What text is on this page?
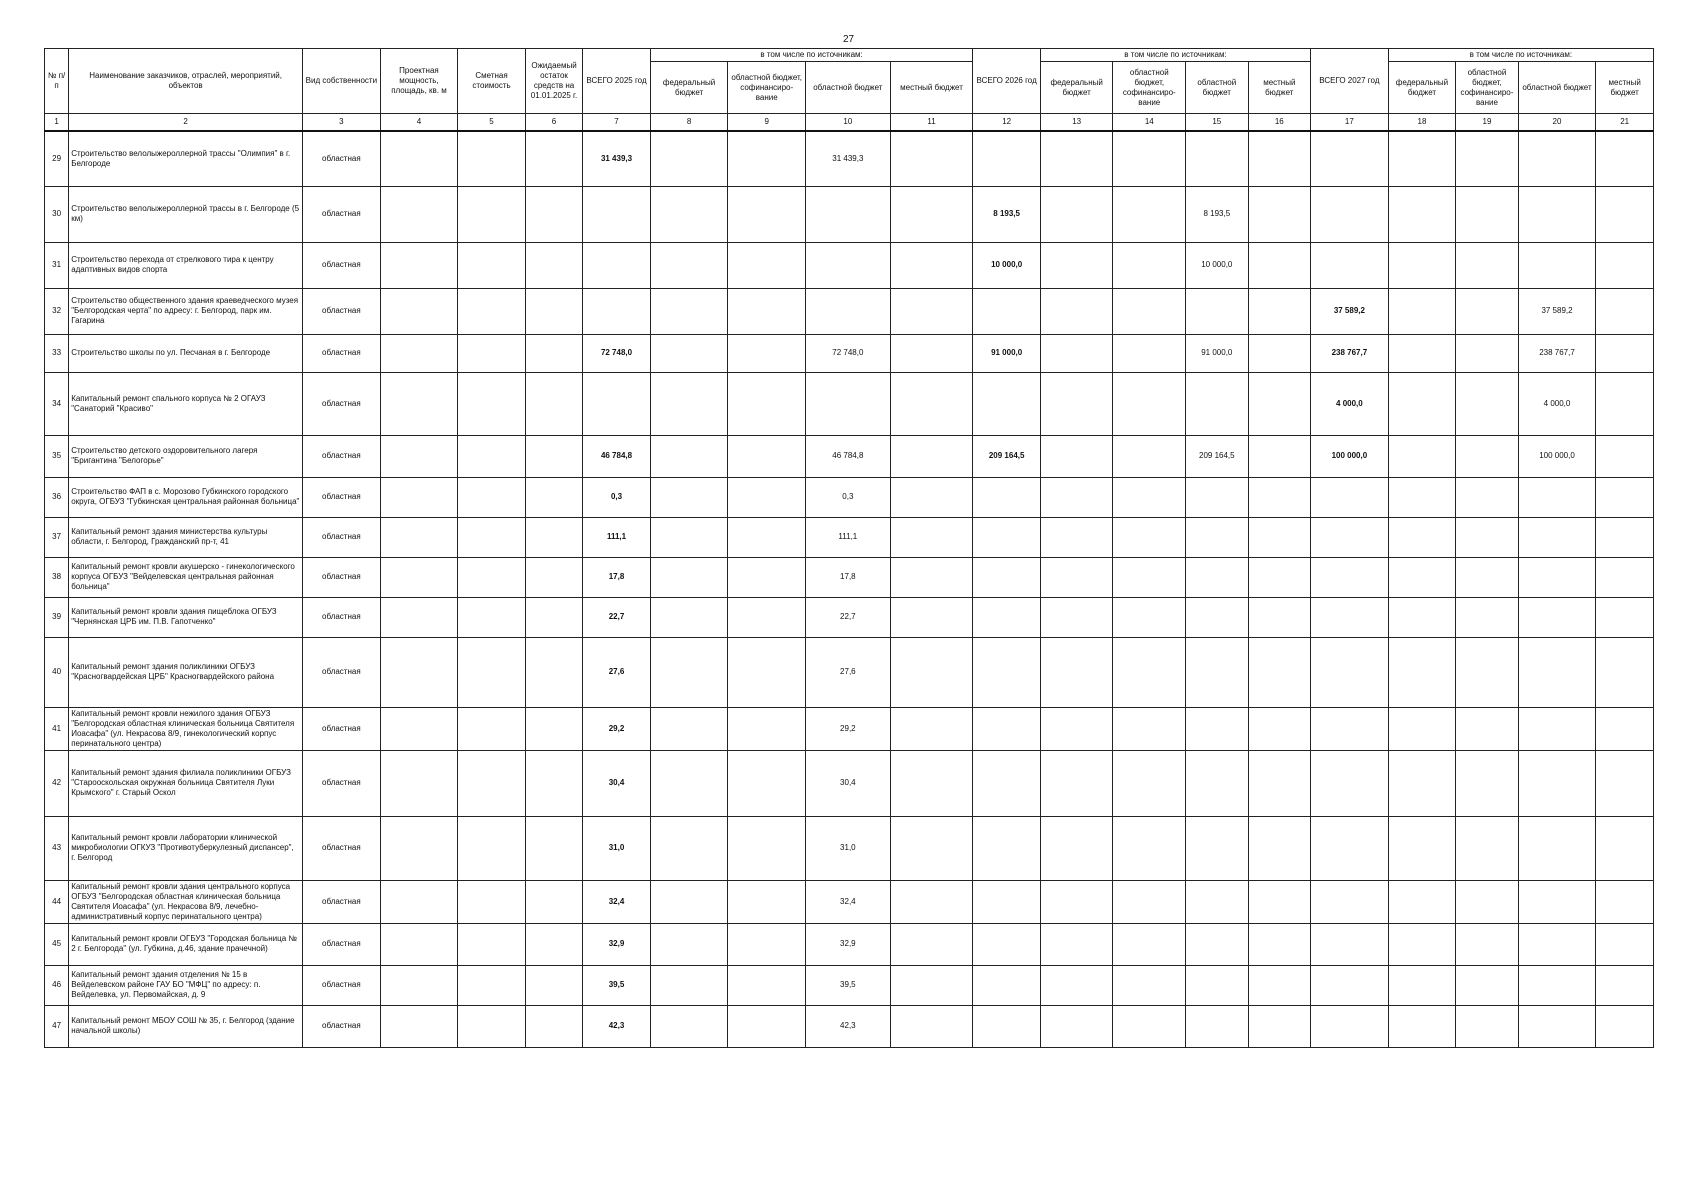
27
№ п/п	Наименование заказчиков, отраслей, мероприятий, объектов	Вид собственности	Проектная мощность, площадь, кв. м	Сметная стоимость	Ожидаемый остаток средств на 01.01.2025 г.	ВСЕГО 2025 год	в том числе по источникам:				ВСЕГО 2026 год	в том числе по источникам:				ВСЕГО 2027 год	в том числе по источникам:			
							федеральный бюджет	областной бюджет, софинансиро-вание	областной бюджет	местный бюджет		федеральный бюджет	областной бюджет, софинансиро-вание	областной бюджет	местный бюджет		федеральный бюджет	областной бюджет, софинансиро-вание	областной бюджет	местный бюджет
1	2	3	4	5	6	7	8	9	10	11	12	13	14	15	16	17	18	19	20	21
29	Строительство велолыжероллерной трассы "Олимпия" в г. Белгороде	областная				31 439,3			31 439,3											
30	Строительство велолыжероллерной трассы в г. Белгороде (5 км)	областная									8 193,5			8 193,5						
31	Строительство перехода от стрелкового тира к центру адаптивных видов спорта	областная									10 000,0			10 000,0						
32	Строительство общественного здания краеведческого музея "Белгородская черта" по адресу: г. Белгород, парк им. Гагарина	областная														37 589,2			37 589,2	
33	Строительство школы по ул. Песчаная в г. Белгороде	областная				72 748,0			72 748,0		91 000,0			91 000,0		238 767,7			238 767,7	
34	Капитальный ремонт спального корпуса № 2 ОГАУЗ "Санаторий "Красиво"	областная														4 000,0			4 000,0	
35	Строительство детского оздоровительного лагеря "Бригантина "Белогорье"	областная				46 784,8			46 784,8		209 164,5			209 164,5		100 000,0			100 000,0	
36	Строительство ФАП в с. Морозово Губкинского городского округа, ОГБУЗ "Губкинская центральная районная больница"	областная				0,3			0,3											
37	Капитальный ремонт здания министерства культуры области, г. Белгород, Гражданский пр-т, 41	областная				111,1			111,1											
38	Капитальный ремонт кровли акушерско - гинекологического корпуса ОГБУЗ "Вейделевская центральная районная больница"	областная				17,8			17,8											
39	Капитальный ремонт кровли здания пищеблока ОГБУЗ "Чернянская ЦРБ им. П.В. Гапотченко"	областная				22,7			22,7											
40	Капитальный ремонт здания поликлиники ОГБУЗ "Красногвардейская ЦРБ" Красногвардейского района	областная				27,6			27,6											
41	Капитальный ремонт кровли нежилого здания ОГБУЗ "Белгородская областная клиническая больница Святителя Иоасафа" (ул. Некрасова 8/9, гинекологический корпус перинатального центра)	областная				29,2			29,2											
42	Капитальный ремонт здания филиала поликлиники ОГБУЗ "Старооскольская окружная больница Святителя Луки Крымского" г. Старый Оскол	областная				30,4			30,4											
43	Капитальный ремонт кровли лаборатории клинической микробиологии ОГКУЗ "Противотуберкулезный диспансер", г. Белгород	областная				31,0			31,0											
44	Капитальный ремонт кровли здания центрального корпуса ОГБУЗ "Белгородская областная клиническая больница Святителя Иоасафа" (ул. Некрасова 8/9, лечебно-административный корпус перинатального центра)	областная				32,4			32,4											
45	Капитальный ремонт кровли ОГБУЗ "Городская больница № 2 г. Белгорода" (ул. Губкина, д.46, здание прачечной)	областная				32,9			32,9											
46	Капитальный ремонт здания отделения № 15 в Вейделевском районе ГАУ БО "МФЦ" по адресу: п. Вейделевка, ул. Первомайская, д. 9	областная				39,5			39,5											
47	Капитальный ремонт МБОУ СОШ № 35, г. Белгород (здание начальной школы)	областная				42,3			42,3											
